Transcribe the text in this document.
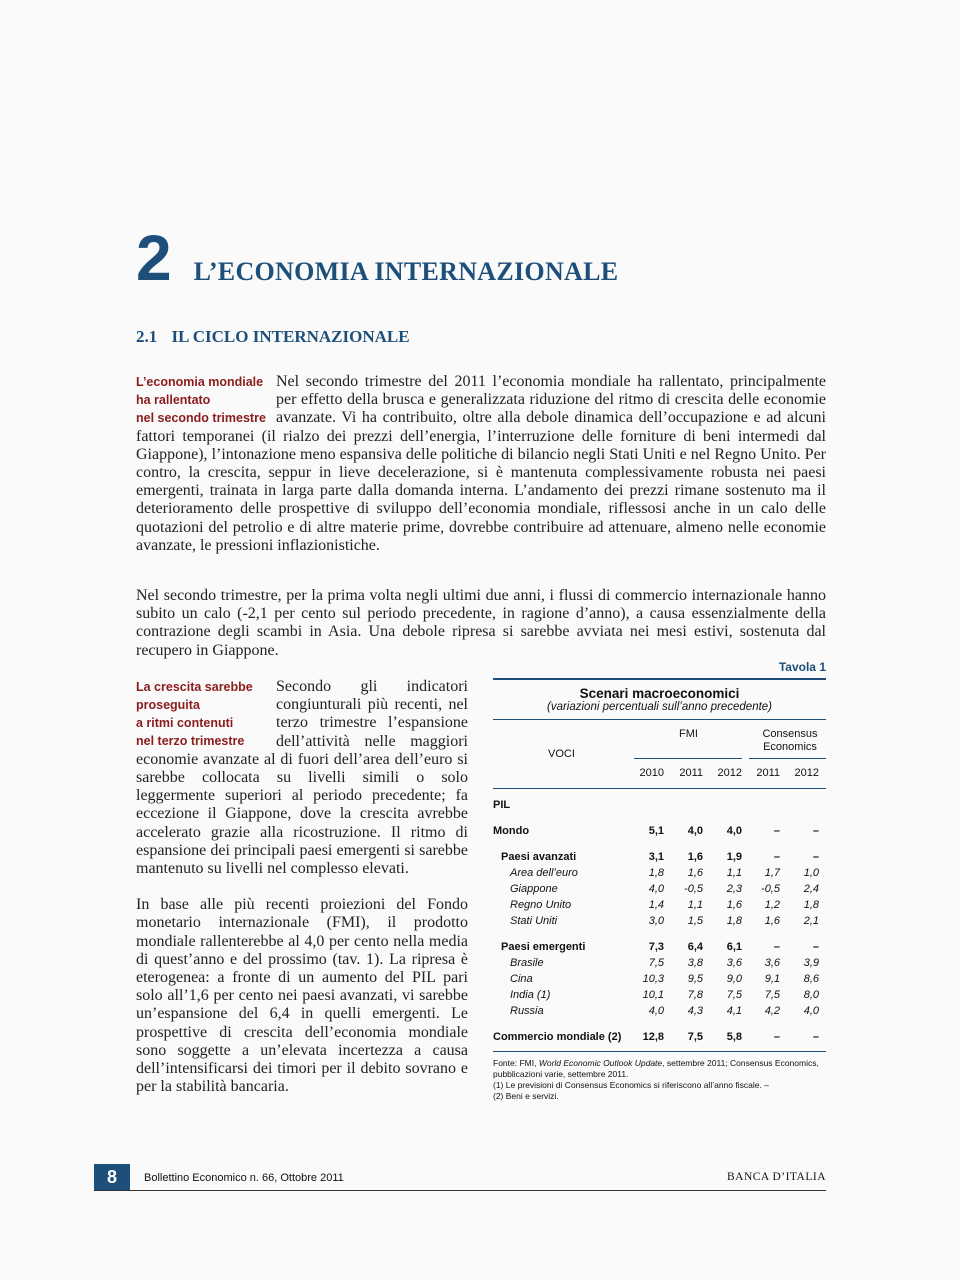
2 L’ECONOMIA INTERNAZIONALE
2.1 IL CICLO INTERNAZIONALE
L’economia mondiale
ha rallentato
nel secondo trimestre

Nel secondo trimestre del 2011 l’economia mondiale ha rallentato, principalmente per effetto della brusca e generalizzata riduzione del ritmo di crescita delle economie avanzate. Vi ha contribuito, oltre alla debole dinamica dell’occupazione e ad alcuni fattori temporanei (il rialzo dei prezzi dell’energia, l’interruzione delle forniture di beni intermedi dal Giappone), l’intonazione meno espansiva delle politiche di bilancio negli Stati Uniti e nel Regno Unito. Per contro, la crescita, seppur in lieve decelerazione, si è mantenuta complessivamente robusta nei paesi emergenti, trainata in larga parte dalla domanda interna. L’andamento dei prezzi rimane sostenuto ma il deterioramento delle prospettive di sviluppo dell’economia mondiale, riflessosi anche in un calo delle quotazioni del petrolio e di altre materie prime, dovrebbe contribuire ad attenuare, almeno nelle economie avanzate, le pressioni inflazionistiche.

Nel secondo trimestre, per la prima volta negli ultimi due anni, i flussi di commercio internazionale hanno subito un calo (-2,1 per cento sul periodo precedente, in ragione d’anno), a causa essenzialmente della contrazione degli scambi in Asia. Una debole ripresa si sarebbe avviata nei mesi estivi, sostenuta dal recupero in Giappone.

La crescita sarebbe
proseguita
a ritmi contenuti
nel terzo trimestre

Secondo gli indicatori congiunturali più recenti, nel terzo trimestre l’espansione dell’attività nelle maggiori economie avanzate al di fuori dell’area dell’euro si sarebbe collocata su livelli simili o solo leggermente superiori al periodo precedente; fa eccezione il Giappone, dove la crescita avrebbe accelerato grazie alla ricostruzione. Il ritmo di espansione dei principali paesi emergenti si sarebbe mantenuto su livelli nel complesso elevati.

In base alle più recenti proiezioni del Fondo monetario internazionale (FMI), il prodotto mondiale rallenterebbe al 4,0 per cento nella media di quest’anno e del prossimo (tav. 1). La ripresa è eterogenea: a fronte di un aumento del PIL pari solo all’1,6 per cento nei paesi avanzati, vi sarebbe un’espansione del 6,4 in quelli emergenti. Le prospettive di crescita dell’economia mondiale sono soggette a un’elevata incertezza a causa dell’intensificarsi dei timori per il debito sovrano e per la stabilità bancaria.

Tavola 1
Scenari macroeconomici
(variazioni percentuali sull’anno precedente)
VOCI
FMI	Consensus
Economics
2010	2011	2012	2011	2012
PIL
Mondo	5,1	4,0	4,0	–	–
Paesi avanzati	3,1	1,6	1,9	–	–
Area dell’euro	1,8	1,6	1,1	1,7	1,0
Giappone	4,0	-0,5	2,3	-0,5	2,4
Regno Unito	1,4	1,1	1,6	1,2	1,8
Stati Uniti	3,0	1,5	1,8	1,6	2,1
Paesi emergenti	7,3	6,4	6,1	–	–
Brasile	7,5	3,8	3,6	3,6	3,9
Cina	10,3	9,5	9,0	9,1	8,6
India (1)	10,1	7,8	7,5	7,5	8,0
Russia	4,0	4,3	4,1	4,2	4,0
Commercio mondiale (2)	12,8	7,5	5,8	–	–

Fonte: FMI, World Economic Outlook Update, settembre 2011; Consensus Economics, pubblicazioni varie, settembre 2011.

(1) Le previsioni di Consensus Economics si riferiscono all’anno fiscale. –

(2) Beni e servizi.

8	Bollettino Economico n. 66, Ottobre 2011	BANCA D’ITALIA
